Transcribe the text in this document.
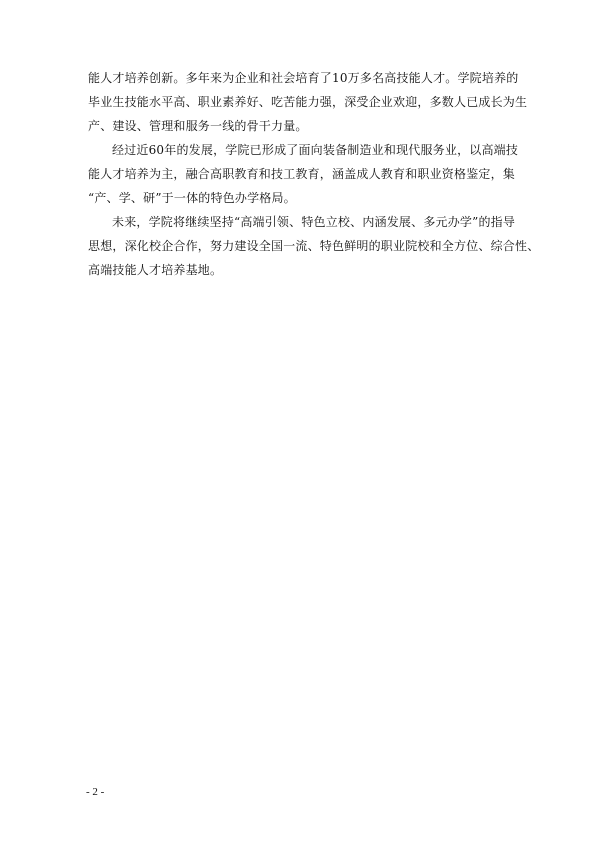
能人才培养创新。多年来为企业和社会培育了10万多名高技能人才。学院培养的
毕业生技能水平高、职业素养好、吃苦能力强，深受企业欢迎，多数人已成长为生
产、建设、管理和服务一线的骨干力量。

经过近60年的发展，学院已形成了面向装备制造业和现代服务业，以高端技
能人才培养为主，融合高职教育和技工教育，涵盖成人教育和职业资格鉴定，集
“产、学、研”于一体的特色办学格局。

未来，学院将继续坚持“高端引领、特色立校、内涵发展、多元办学”的指导
思想，深化校企合作，努力建设全国一流、特色鲜明的职业院校和全方位、综合性、
高端技能人才培养基地。

- 2 -
